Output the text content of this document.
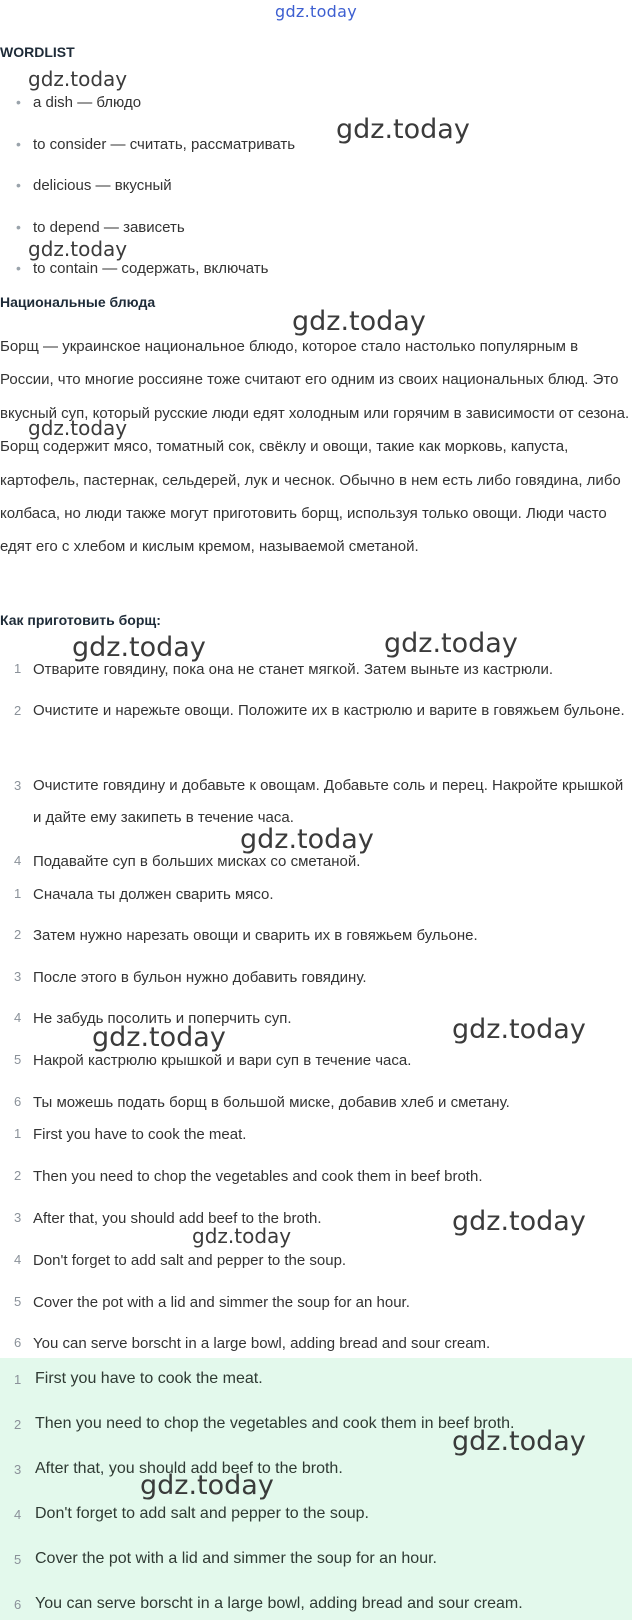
gdz.today
WORDLIST
• a dish — блюдо
• to consider — считать, рассматривать
• delicious — вкусный
• to depend — зависеть
• to contain — содержать, включать
Национальные блюда

Борщ — украинское национальное блюдо, которое стало настолько популярным в России, что многие россияне тоже считают его одним из своих национальных блюд. Это вкусный суп, который русские люди едят холодным или горячим в зависимости от сезона. Борщ содержит мясо, томатный сок, свёклу и овощи, такие как морковь, капуста, картофель, пастернак, сельдерей, лук и чеснок. Обычно в нем есть либо говядина, либо колбаса, но люди также могут приготовить борщ, используя только овощи. Люди часто едят его с хлебом и кислым кремом, называемой сметаной.

Как приготовить борщ:
1 Отварите говядину, пока она не станет мягкой. Затем выньте из кастрюли.
2 Очистите и нарежьте овощи. Положите их в кастрюлю и варите в говяжьем бульоне.
3 Очистите говядину и добавьте к овощам. Добавьте соль и перец. Накройте крышкой и дайте ему закипеть в течение часа.
4 Подавайте суп в больших мисках со сметаной.
1 Сначала ты должен сварить мясо.
2 Затем нужно нарезать овощи и сварить их в говяжьем бульоне.
3 После этого в бульон нужно добавить говядину.
4 Не забудь посолить и поперчить суп.
5 Накрой кастрюлю крышкой и вари суп в течение часа.
6 Ты можешь подать борщ в большой миске, добавив хлеб и сметану.
1 First you have to cook the meat.
2 Then you need to chop the vegetables and cook them in beef broth.
3 After that, you should add beef to the broth.
4 Don't forget to add salt and pepper to the soup.
5 Cover the pot with a lid and simmer the soup for an hour.
6 You can serve borscht in a large bowl, adding bread and sour cream.
1 First you have to cook the meat.
2 Then you need to chop the vegetables and cook them in beef broth.
3 After that, you should add beef to the broth.
4 Don't forget to add salt and pepper to the soup.
5 Cover the pot with a lid and simmer the soup for an hour.
6 You can serve borscht in a large bowl, adding bread and sour cream.
gdz.today
gdz.today
gdz.today
gdz.today
gdz.today
gdz.today	gdz.today
gdz.today
gdz.today	gdz.today
gdz.today
gdz.today
gdz.today
gdz.today
